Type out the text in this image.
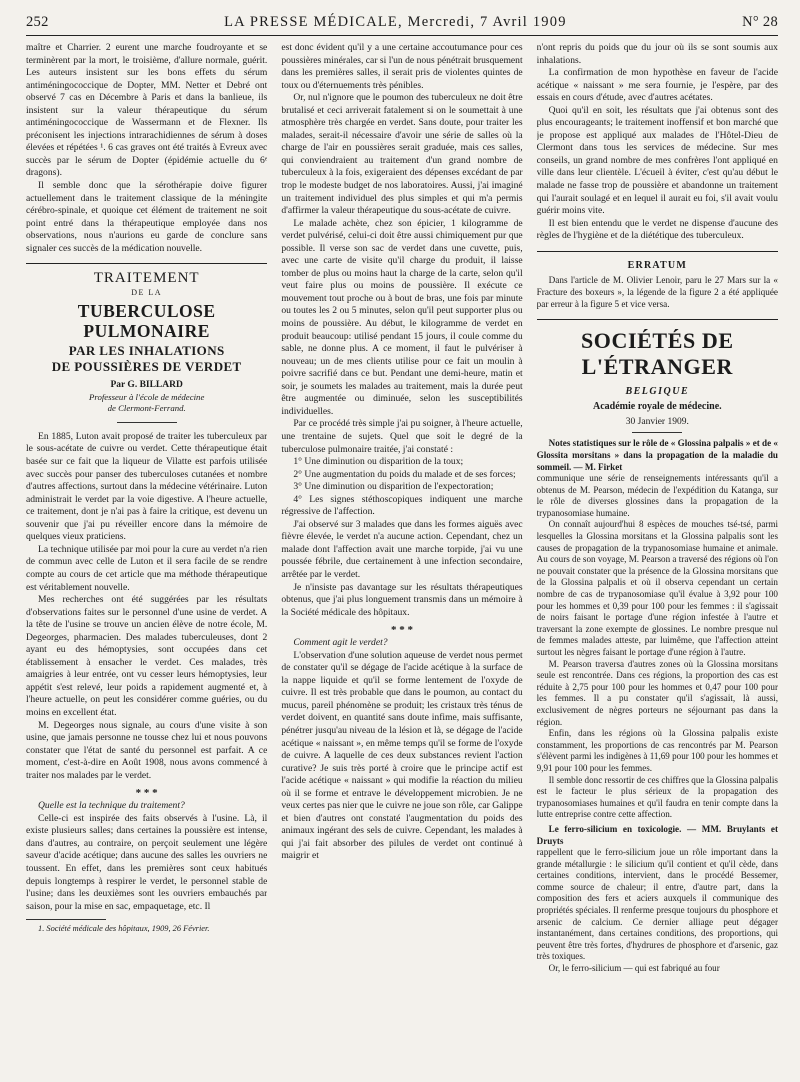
252	LA PRESSE MÉDICALE, Mercredi, 7 Avril 1909	N° 28

maître et Charrier. 2 eurent une marche foudroyante et se terminèrent par la mort, le troisième, d'allure normale, guérit. Les auteurs insistent sur les bons effets du sérum antiméningococcique de Dopter, MM. Netter et Debré ont observé 7 cas en Décembre à Paris et dans la banlieue, ils insistent sur la valeur thérapeutique du sérum antiméningococcique de Wassermann et de Flexner. Ils préconisent les injections intrarachidiennes de sérum à doses élevées et répétées ¹. 6 cas graves ont été traités à Evreux avec succès par le sérum de Dopter (épidémie actuelle du 6ᵉ dragons).

Il semble donc que la sérothérapie doive figurer actuellement dans le traitement classique de la méningite cérébro-spinale, et quoique cet élément de traitement ne soit point entré dans la thérapeutique employée dans nos observations, nous n'aurions eu garde de conclure sans signaler ces succès de la médication nouvelle.

TRAITEMENT
DE LA
TUBERCULOSE PULMONAIRE
PAR LES INHALATIONS
DE POUSSIÈRES DE VERDET
Par G. BILLARD
Professeur à l'école de médecine
de Clermont-Ferrand.

En 1885, Luton avait proposé de traiter les tuberculeux par le sous-acétate de cuivre ou verdet. Cette thérapeutique était basée sur ce fait que la liqueur de Vilatte est parfois utilisée avec succès pour panser des tuberculoses cutanées et nombre d'autres affections, surtout dans la médecine vétérinaire. Luton administrait le verdet par la voie digestive. A l'heure actuelle, ce traitement, dont je n'ai pas à faire la critique, est devenu un souvenir que j'ai pu réveiller encore dans la mémoire de quelques vieux praticiens.

La technique utilisée par moi pour la cure au verdet n'a rien de commun avec celle de Luton et il sera facile de se rendre compte au cours de cet article que ma méthode thérapeutique est véritablement nouvelle.

Mes recherches ont été suggérées par les résultats d'observations faites sur le personnel d'une usine de verdet. A la tête de l'usine se trouve un ancien élève de notre école, M. Degeorges, pharmacien. Des malades tuberculeuses, dont 2 ayant eu des hémoptysies, sont occupées dans cet établissement à ensacher le verdet. Ces malades, très amaigries à leur entrée, ont vu cesser leurs hémoptysies, leur appétit s'est relevé, leur poids a rapidement augmenté et, à l'heure actuelle, on peut les considérer comme guéries, ou du moins en excellent état.

M. Degeorges nous signale, au cours d'une visite à son usine, que jamais personne ne tousse chez lui et nous pouvons constater que l'état de santé du personnel est parfait. A ce moment, c'est-à-dire en Août 1908, nous avons commencé à traiter nos malades par le verdet.

* * *

Quelle est la technique du traitement?

Celle-ci est inspirée des faits observés à l'usine. Là, il existe plusieurs salles; dans certaines la poussière est intense, dans d'autres, au contraire, on perçoit seulement une légère saveur d'acide acétique; dans aucune des salles les ouvriers ne toussent. En effet, dans les premières sont ceux habitués depuis longtemps à respirer le verdet, le personnel stable de l'usine; dans les deuxièmes sont les ouvriers embauchés par saison, pour la mise en sac, empaquetage, etc. Il

1. Société médicale des hôpitaux, 1909, 26 Février.

est donc évident qu'il y a une certaine accoutumance pour ces poussières minérales, car si l'un de nous pénétrait brusquement dans les premières salles, il serait pris de violentes quintes de toux ou d'éternuements très pénibles.

Or, nul n'ignore que le poumon des tuberculeux ne doit être brutalisé et ceci arriverait fatalement si on le soumettait à une atmosphère très chargée en verdet. Sans doute, pour traiter les malades, serait-il nécessaire d'avoir une série de salles où la charge de l'air en poussières serait graduée, mais ces salles, qui conviendraient au traitement d'un grand nombre de tuberculeux à la fois, exigeraient des dépenses excédant de par trop le modeste budget de nos laboratoires. Aussi, j'ai imaginé un traitement individuel des plus simples et qui m'a permis d'affirmer la valeur thérapeutique du sous-acétate de cuivre.

Le malade achète, chez son épicier, 1 kilogramme de verdet pulvérisé, celui-ci doit être aussi chimiquement pur que possible. Il verse son sac de verdet dans une cuvette, puis, avec une carte de visite qu'il charge du produit, il laisse tomber de plus ou moins haut la charge de la carte, selon qu'il veut faire plus ou moins de poussière. Il exécute ce mouvement tout proche ou à bout de bras, une fois par minute ou toutes les 2 ou 5 minutes, selon qu'il peut supporter plus ou moins de poussière. Au début, le kilogramme de verdet en produit beaucoup: utilisé pendant 15 jours, il coule comme du sable, ne donne plus. A ce moment, il faut le pulvériser à nouveau; un de mes clients utilise pour ce fait un moulin à poivre sacrifié dans ce but. Pendant une demi-heure, matin et soir, je soumets les malades au traitement, mais la durée peut être augmentée ou diminuée, selon les susceptibilités individuelles.

Par ce procédé très simple j'ai pu soigner, à l'heure actuelle, une trentaine de sujets. Quel que soit le degré de la tuberculose pulmonaire traitée, j'ai constaté :

1° Une diminution ou disparition de la toux;

2° Une augmentation du poids du malade et de ses forces;

3° Une diminution ou disparition de l'expectoration;

4° Les signes stéthoscopiques indiquent une marche régressive de l'affection.

J'ai observé sur 3 malades que dans les formes aiguës avec fièvre élevée, le verdet n'a aucune action. Cependant, chez un malade dont l'affection avait une marche torpide, j'ai vu une poussée fébrile, due certainement à une infection secondaire, arrêtée par le verdet.

Je n'insiste pas davantage sur les résultats thérapeutiques obtenus, que j'ai plus longuement transmis dans un mémoire à la Société médicale des hôpitaux.

* * *

Comment agit le verdet?

L'observation d'une solution aqueuse de verdet nous permet de constater qu'il se dégage de l'acide acétique à la surface de la nappe liquide et qu'il se forme lentement de l'oxyde de cuivre. Il est très probable que dans le poumon, au contact du mucus, pareil phénomène se produit; les cristaux très ténus de verdet doivent, en quantité sans doute infime, mais suffisante, pénétrer jusqu'au niveau de la lésion et là, se dégage de l'acide acétique « naissant », en même temps qu'il se forme de l'oxyde de cuivre. A laquelle de ces deux substances revient l'action curative? Je suis très porté à croire que le principe actif est l'acide acétique « naissant » qui modifie la réaction du milieu où il se forme et entrave le développement microbien. Je ne veux certes pas nier que le cuivre ne joue son rôle, car Galippe et bien d'autres ont constaté l'augmentation du poids des animaux ingérant des sels de cuivre. Cependant, les malades à qui j'ai fait absorber des pilules de verdet ont continué à maigrir et

n'ont repris du poids que du jour où ils se sont soumis aux inhalations.

La confirmation de mon hypothèse en faveur de l'acide acétique « naissant » me sera fournie, je l'espère, par des essais en cours d'étude, avec d'autres acétates.

Quoi qu'il en soit, les résultats que j'ai obtenus sont des plus encourageants; le traitement inoffensif et bon marché que je propose est appliqué aux malades de l'Hôtel-Dieu de Clermont dans tous les services de médecine. Sur mes conseils, un grand nombre de mes confrères l'ont appliqué en ville dans leur clientèle. L'écueil à éviter, c'est qu'au début le malade ne fasse trop de poussière et abandonne un traitement qui l'aurait soulagé et en lequel il aurait eu foi, s'il avait voulu guérir moins vite.

Il est bien entendu que le verdet ne dispense d'aucune des règles de l'hygiène et de la diététique des tuberculeux.

ERRATUM

Dans l'article de M. Olivier Lenoir, paru le 27 Mars sur la « Fracture des boxeurs », la légende de la figure 2 a été appliquée par erreur à la figure 5 et vice versa.

SOCIÉTÉS DE L'ÉTRANGER
BELGIQUE
Académie royale de médecine.
30 Janvier 1909.

Notes statistiques sur le rôle de « Glossina palpalis » et de « Glossita morsitans » dans la propagation de la maladie du sommeil. — M. Firket

communique une série de renseignements intéressants qu'il a obtenus de M. Pearson, médecin de l'expédition du Katanga, sur le rôle de diverses glossines dans la propagation de la trypanosomiase humaine.

On connaît aujourd'hui 8 espèces de mouches tsé-tsé, parmi lesquelles la Glossina morsitans et la Glossina palpalis sont les causes de propagation de la trypanosomiase humaine et animale. Au cours de son voyage, M. Pearson a traversé des régions où l'on ne pouvait constater que la présence de la Glossina morsitans que de la Glossina palpalis et où il observa cependant un certain nombre de cas de trypanosomiase qu'il évalue à 3,92 pour 100 pour les hommes et 0,39 pour 100 pour les femmes : il s'agissait de noirs faisant le portage d'une région infestée à l'autre et traversant la zone exempte de glossines. Le nombre presque nul de femmes malades atteste, par luimême, que l'affection atteint surtout les nègres faisant le portage d'une région à l'autre.

M. Pearson traversa d'autres zones où la Glossina morsitans seule est rencontrée. Dans ces régions, la proportion des cas est réduite à 2,75 pour 100 pour les hommes et 0,47 pour 100 pour les femmes. Il a pu constater qu'il s'agissait, là aussi, exclusivement de nègres porteurs ne séjournant pas dans la région.

Enfin, dans les régions où la Glossina palpalis existe constamment, les proportions de cas rencontrés par M. Pearson s'élèvent parmi les indigènes à 11,69 pour 100 pour les hommes et 9,91 pour 100 pour les femmes.

Il semble donc ressortir de ces chiffres que la Glossina palpalis est le facteur le plus sérieux de la propagation des trypanosomiases humaines et qu'il faudra en tenir compte dans la lutte entreprise contre cette affection.

Le ferro-silicium en toxicologie. — MM. Bruylants et Druyts

rappellent que le ferro-silicium joue un rôle important dans la grande métallurgie : le silicium qu'il contient et qu'il cède, dans certaines conditions, intervient, dans le procédé Bessemer, comme source de chaleur; il entre, d'autre part, dans la composition des fers et aciers auxquels il communique des propriétés spéciales. Il renferme presque toujours du phosphore et arsenic de calcium. Ce dernier alliage peut dégager instantanément, dans certaines conditions, des proportions, qui peuvent être très fortes, d'hydrures de phosphore et d'arsenic, gaz très toxiques.

Or, le ferro-silicium — qui est fabriqué au four
